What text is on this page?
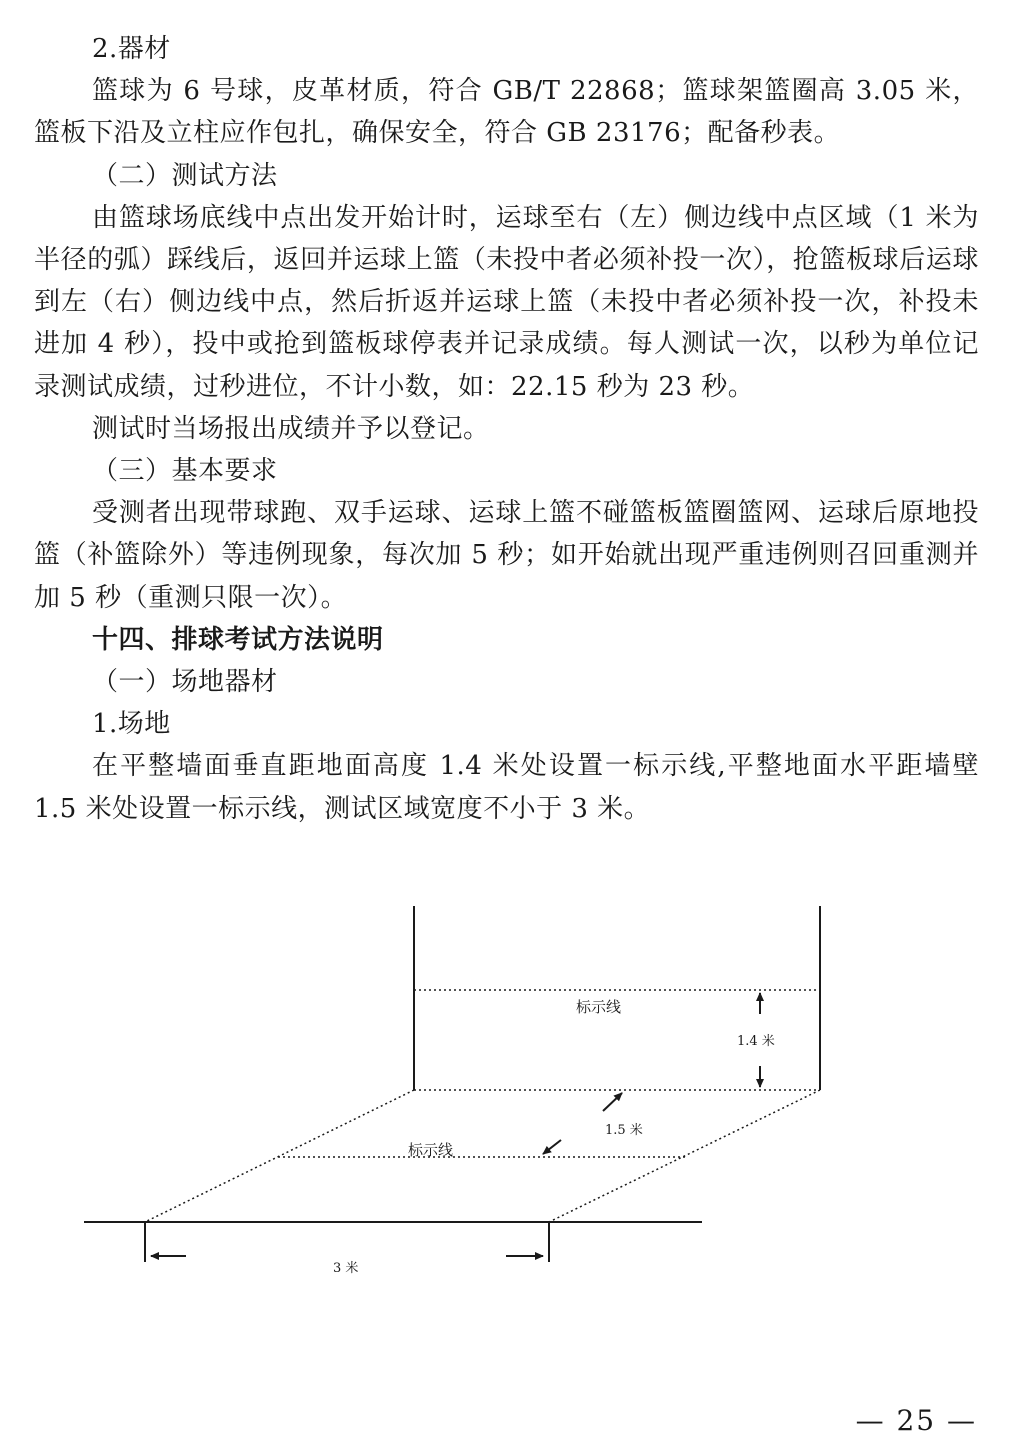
2.器材

篮球为 6 号球，皮革材质，符合 GB/T 22868；篮球架篮圈高 3.05 米，篮板下沿及立柱应作包扎，确保安全，符合 GB 23176；配备秒表。

（二）测试方法

由篮球场底线中点出发开始计时，运球至右（左）侧边线中点区域（1 米为半径的弧）踩线后，返回并运球上篮（未投中者必须补投一次），抢篮板球后运球到左（右）侧边线中点，然后折返并运球上篮（未投中者必须补投一次，补投未进加 4 秒），投中或抢到篮板球停表并记录成绩。每人测试一次，以秒为单位记录测试成绩，过秒进位，不计小数，如：22.15 秒为 23 秒。

测试时当场报出成绩并予以登记。

（三）基本要求

受测者出现带球跑、双手运球、运球上篮不碰篮板篮圈篮网、运球后原地投篮（补篮除外）等违例现象，每次加 5 秒；如开始就出现严重违例则召回重测并加 5 秒（重测只限一次）。

十四、排球考试方法说明

（一）场地器材

1.场地

在平整墙面垂直距地面高度 1.4 米处设置一标示线,平整地面水平距墙壁 1.5 米处设置一标示线，测试区域宽度不小于 3 米。

标示线
1.4 米
标示线
1.5 米
3 米
— 25 —
